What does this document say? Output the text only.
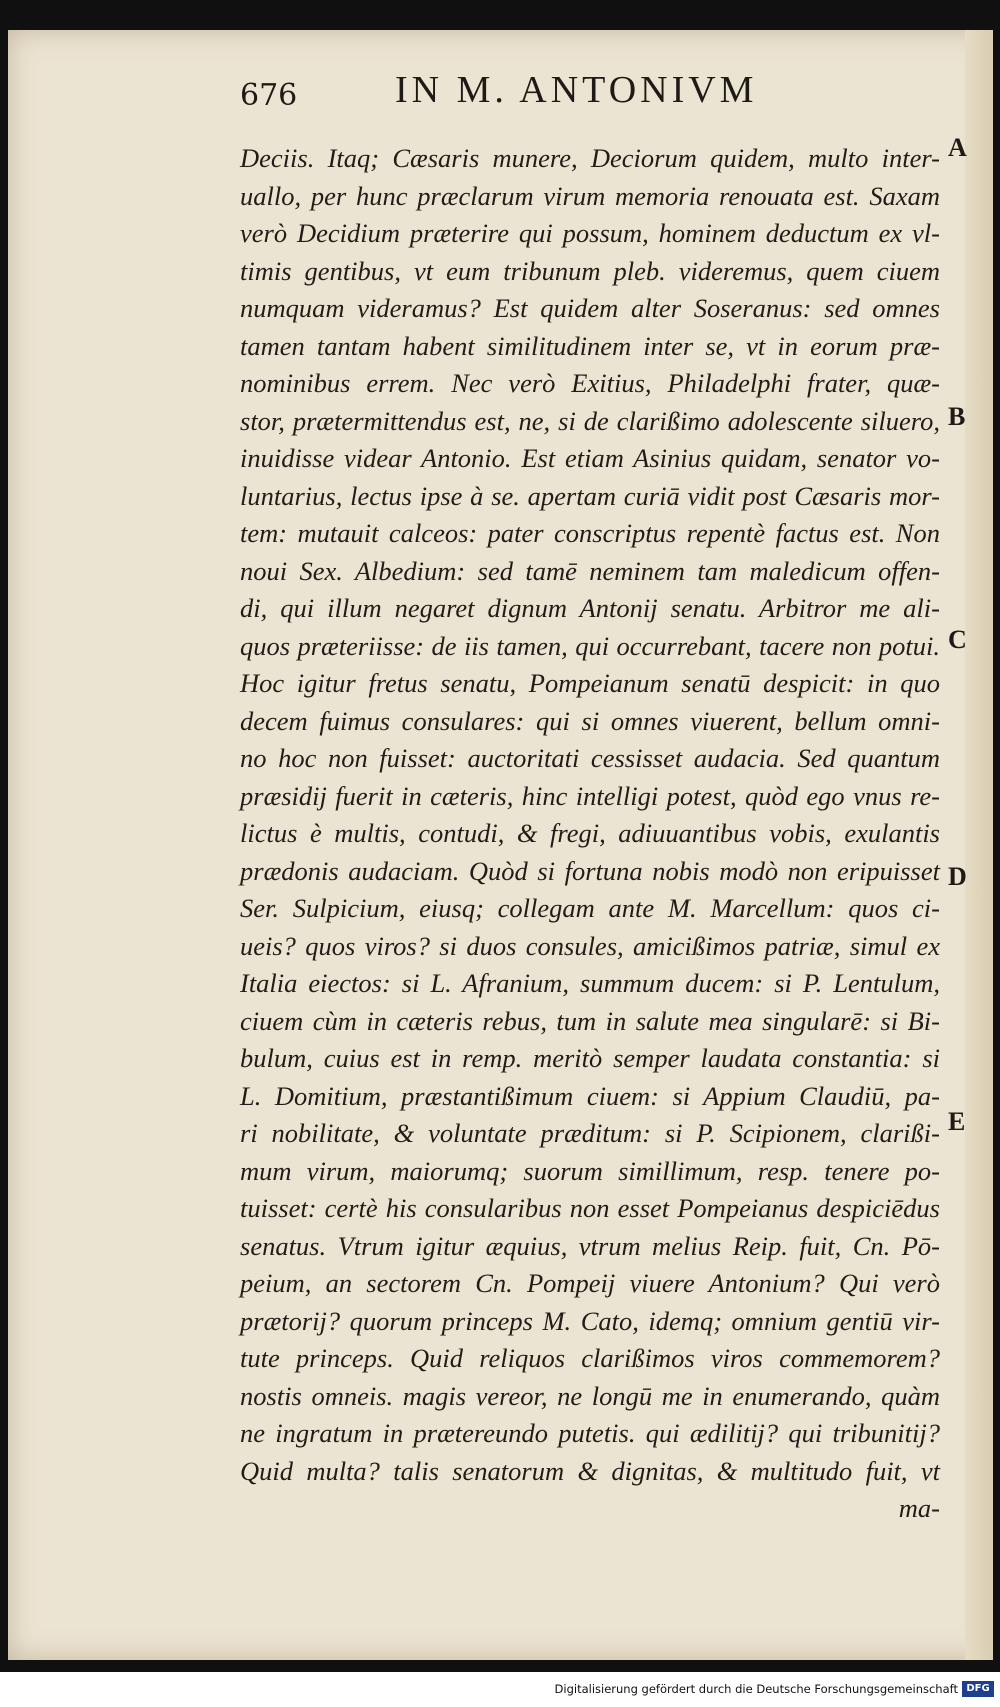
676	IN M. ANTONIVM
Deciis. Itaq; Cæsaris munere, Deciorum quidem, multo inter-
uallo, per hunc præclarum virum memoria renouata est. Saxam
verò Decidium præterire qui possum, hominem deductum ex vl-
timis gentibus, vt eum tribunum pleb. videremus, quem ciuem
numquam videramus? Est quidem alter Soseranus: sed omnes
tamen tantam habent similitudinem inter se, vt in eorum præ-
nominibus errem. Nec verò Exitius, Philadelphi frater, quæ-
stor, prætermittendus est, ne, si de clarißimo adolescente siluero,
inuidisse videar Antonio. Est etiam Asinius quidam, senator vo-
luntarius, lectus ipse à se. apertam curiā vidit post Cæsaris mor-
tem: mutauit calceos: pater conscriptus repentè factus est. Non
noui Sex. Albedium: sed tamē neminem tam maledicum offen-
di, qui illum negaret dignum Antonij senatu. Arbitror me ali-
quos præteriisse: de iis tamen, qui occurrebant, tacere non potui.
Hoc igitur fretus senatu, Pompeianum senatū despicit: in quo
decem fuimus consulares: qui si omnes viuerent, bellum omni-
no hoc non fuisset: auctoritati cessisset audacia. Sed quantum
præsidij fuerit in cæteris, hinc intelligi potest, quòd ego vnus re-
lictus è multis, contudi, & fregi, adiuuantibus vobis, exulantis
prædonis audaciam. Quòd si fortuna nobis modò non eripuisset
Ser. Sulpicium, eiusq; collegam ante M. Marcellum: quos ci-
ueis? quos viros? si duos consules, amicißimos patriæ, simul ex
Italia eiectos: si L. Afranium, summum ducem: si P. Lentulum,
ciuem cùm in cæteris rebus, tum in salute mea singularē: si Bi-
bulum, cuius est in remp. meritò semper laudata constantia: si
L. Domitium, præstantißimum ciuem: si Appium Claudiū, pa-
ri nobilitate, & voluntate præditum: si P. Scipionem, clarißi-
mum virum, maiorumq; suorum simillimum, resp. tenere po-
tuisset: certè his consularibus non esset Pompeianus despiciēdus
senatus. Vtrum igitur æquius, vtrum melius Reip. fuit, Cn. Pō-
peium, an sectorem Cn. Pompeij viuere Antonium? Qui verò
prætorij? quorum princeps M. Cato, idemq; omnium gentiū vir-
tute princeps. Quid reliquos clarißimos viros commemorem?
nostis omneis. magis vereor, ne longū me in enumerando, quàm
ne ingratum in prætereundo putetis. qui ædilitij? qui tribunitij?
Quid multa? talis senatorum & dignitas, & multitudo fuit, vt
ma-
A
B
C
D
E
Digitalisierung gefördert durch die Deutsche Forschungsgemeinschaft DFG
